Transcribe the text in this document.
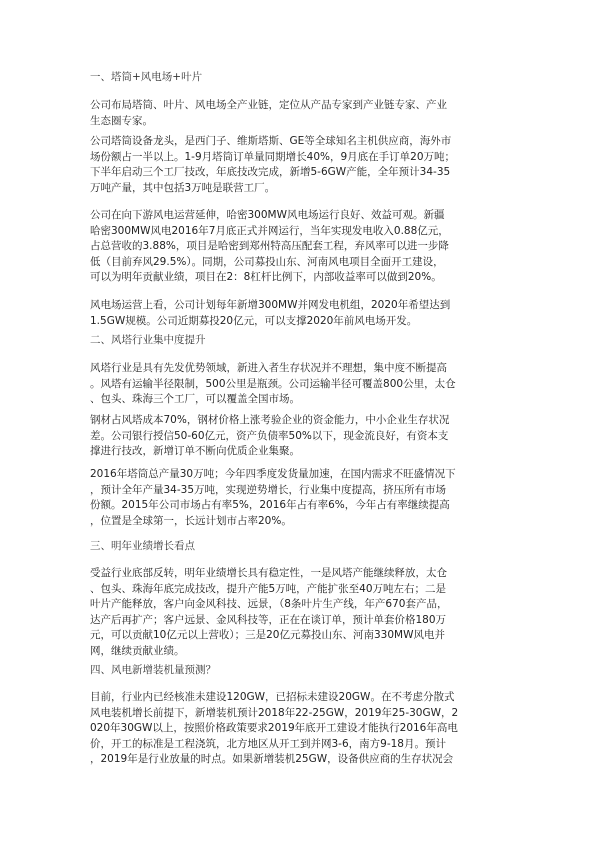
一、塔筒+风电场+叶片

公司布局塔筒、叶片、风电场全产业链，定位从产品专家到产业链专家、产业
生态圈专家。

公司塔筒设备龙头，是西门子、维斯塔斯、GE等全球知名主机供应商，海外市
场份额占一半以上。1-9月塔筒订单量同期增长40%，9月底在手订单20万吨；
下半年启动三个工厂技改，年底技改完成，新增5-6GW产能，全年预计34-35
万吨产量，其中包括3万吨是联营工厂。

公司在向下游风电运营延伸，哈密300MW风电场运行良好、效益可观。新疆
哈密300MW风电2016年7月底正式并网运行，当年实现发电收入0.88亿元，
占总营收的3.88%，项目是哈密到郑州特高压配套工程，弃风率可以进一步降
低（目前弃风29.5%）。同期，公司募投山东、河南风电项目全面开工建设，
可以为明年贡献业绩，项目在2：8杠杆比例下，内部收益率可以做到20%。

风电场运营上看，公司计划每年新增300MW并网发电机组，2020年希望达到
1.5GW规模。公司近期募投20亿元，可以支撑2020年前风电场开发。

二、风塔行业集中度提升

风塔行业是具有先发优势领域，新进入者生存状况并不理想，集中度不断提高
。风塔有运输半径限制，500公里是瓶颈。公司运输半径可覆盖800公里，太仓
、包头、珠海三个工厂，可以覆盖全国市场。

钢材占风塔成本70%，钢材价格上涨考验企业的资金能力，中小企业生存状况
差。公司银行授信50-60亿元，资产负债率50%以下，现金流良好，有资本支
撑进行技改，新增订单不断向优质企业集聚。

2016年塔筒总产量30万吨；今年四季度发货量加速，在国内需求不旺盛情况下
，预计全年产量34-35万吨，实现逆势增长，行业集中度提高，挤压所有市场
份额。2015年公司市场占有率5%，2016年占有率6%，今年占有率继续提高
，位置是全球第一，长远计划市占率20%。

三、明年业绩增长看点

受益行业底部反转，明年业绩增长具有稳定性，一是风塔产能继续释放，太仓
、包头、珠海年底完成技改，提升产能5万吨，产能扩张至40万吨左右；二是
叶片产能释放，客户向金风科技、远景，（8条叶片生产线，年产670套产品，
达产后再扩产；客户远景、金风科技等，正在在谈订单，预计单套价格180万
元，可以贡献10亿元以上营收）；三是20亿元募投山东、河南330MW风电并
网，继续贡献业绩。

四、风电新增装机量预测？

目前，行业内已经核准未建设120GW，已招标未建设20GW。在不考虑分散式
风电装机增长前提下，新增装机预计2018年22-25GW，2019年25-30GW，2
020年30GW以上，按照价格政策要求2019年底开工建设才能执行2016年高电
价，开工的标准是工程浇筑，北方地区从开工到并网3-6，南方9-18月。预计
，2019年是行业放量的时点。如果新增装机25GW，设备供应商的生存状况会
